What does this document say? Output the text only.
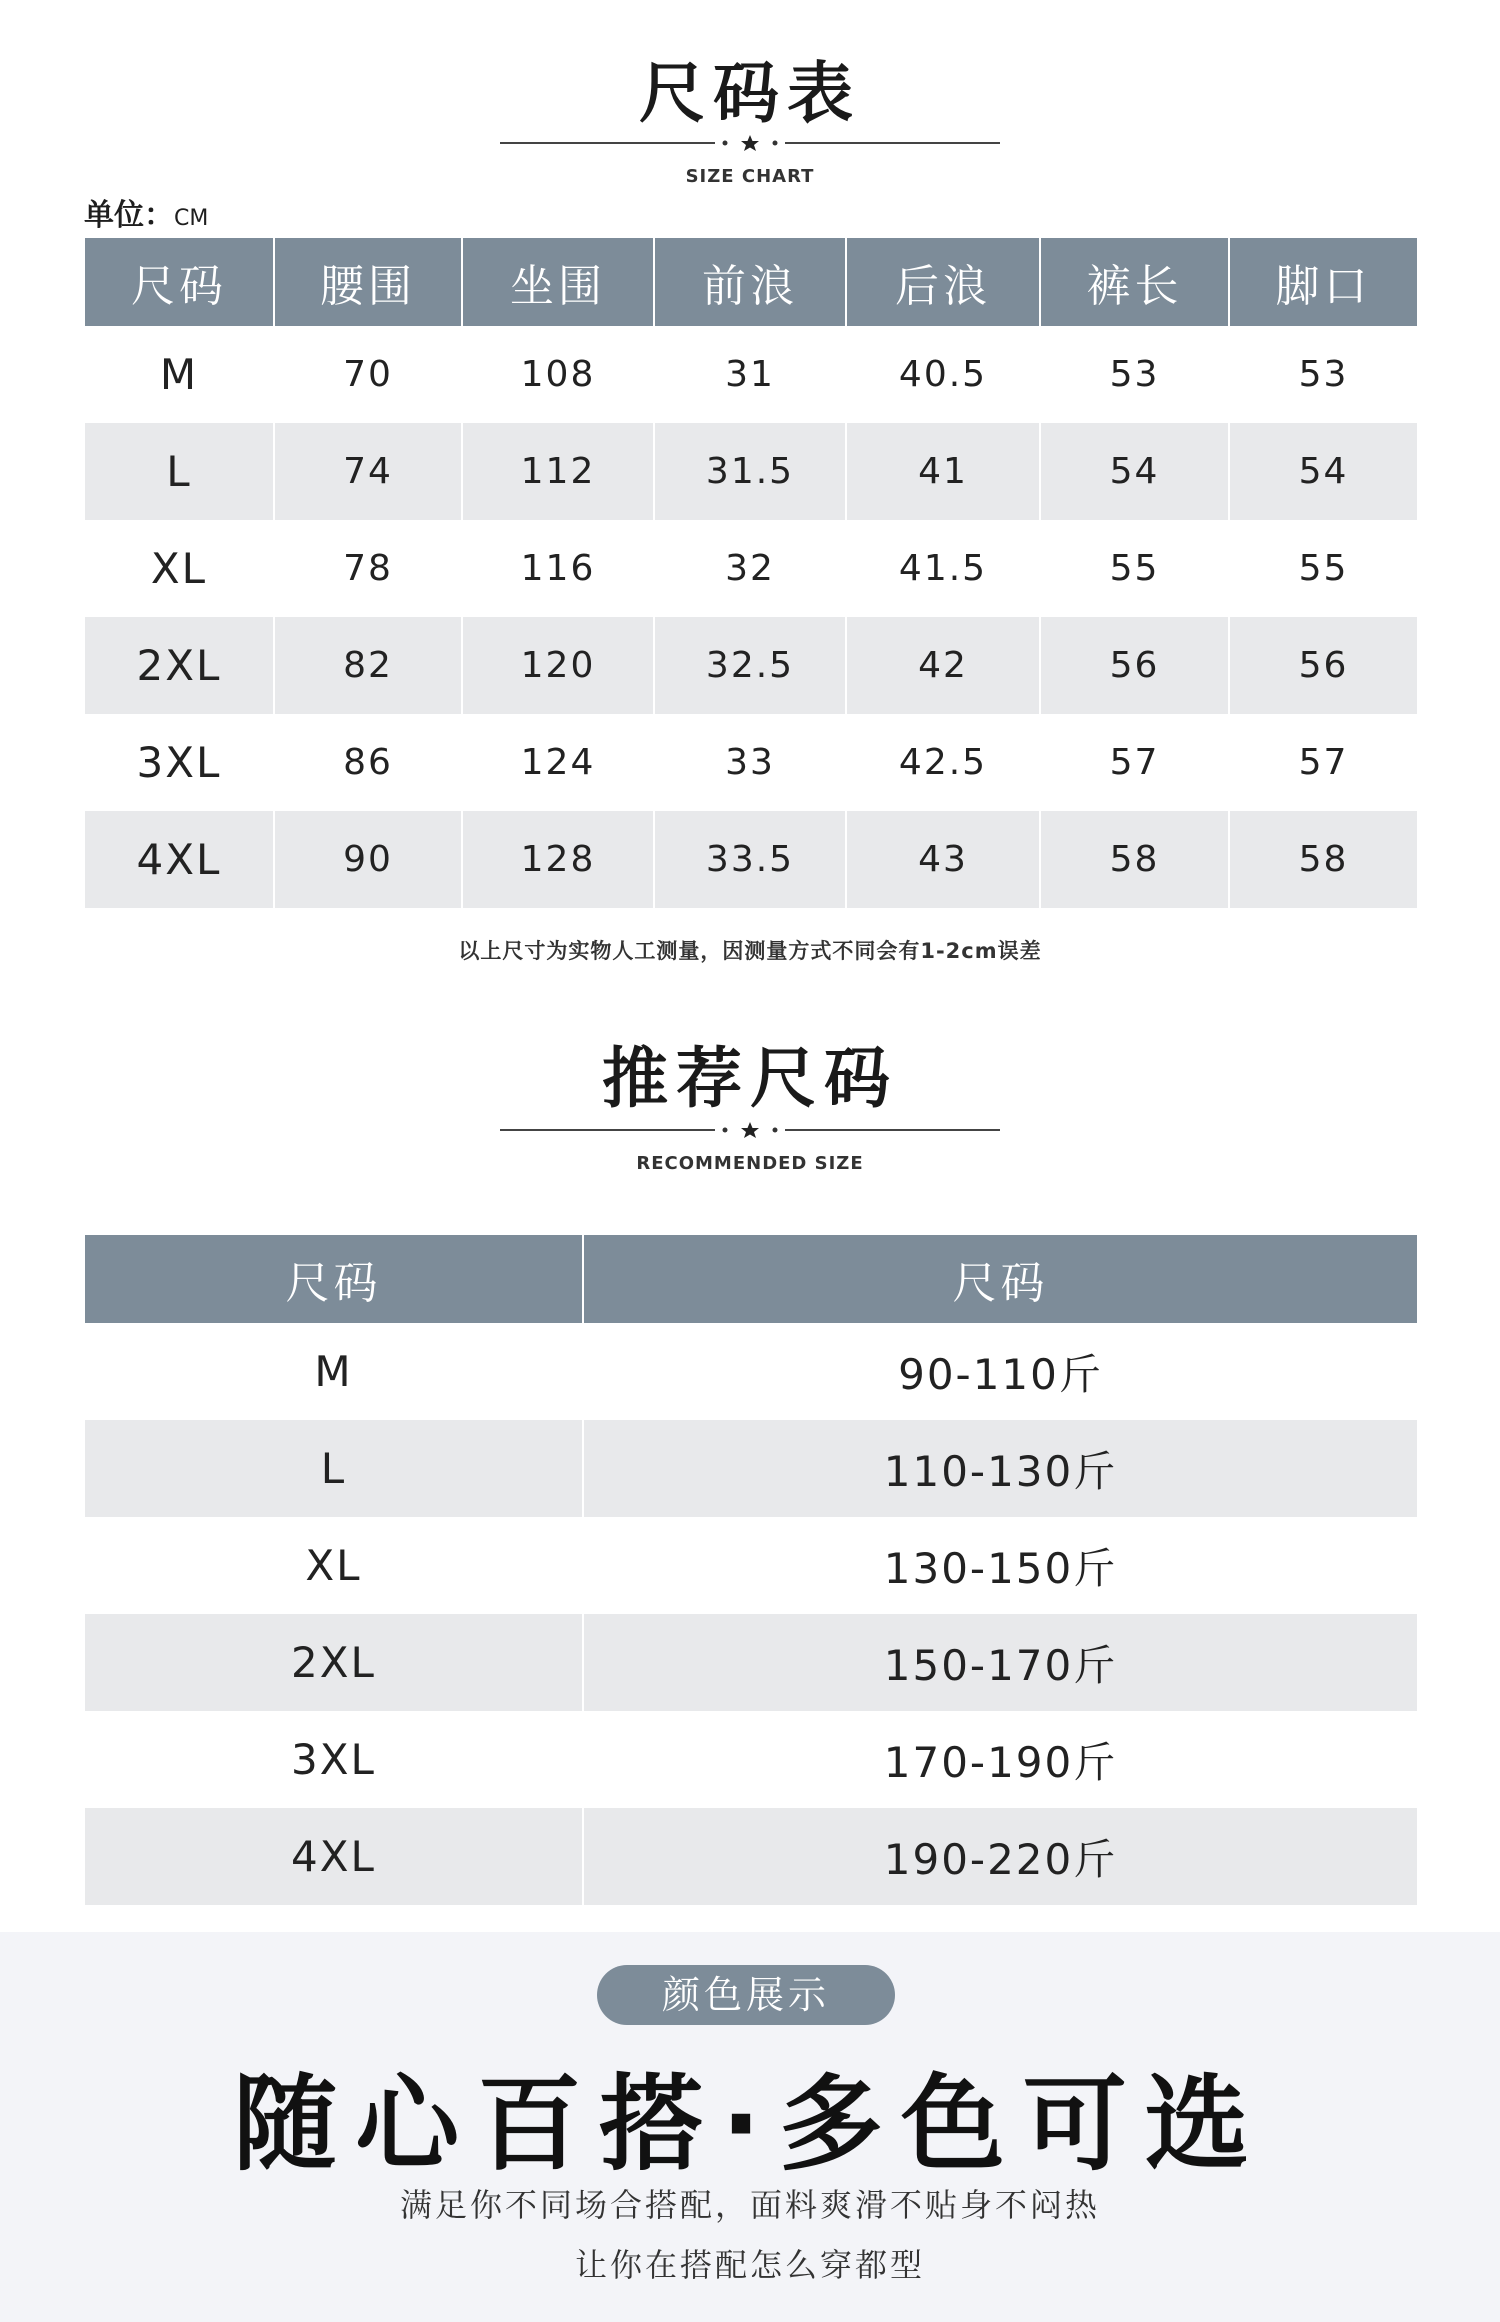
尺码表
SIZE CHART
单位：CM
尺码	腰围	坐围	前浪	后浪	裤长	脚口
M	70	108	31	40.5	53	53
L	74	112	31.5	41	54	54
XL	78	116	32	41.5	55	55
2XL	82	120	32.5	42	56	56
3XL	86	124	33	42.5	57	57
4XL	90	128	33.5	43	58	58
以上尺寸为实物人工测量，因测量方式不同会有1-2cm误差
推荐尺码
RECOMMENDED SIZE
尺码	尺码
M	90-110斤
L	110-130斤
XL	130-150斤
2XL	150-170斤
3XL	170-190斤
4XL	190-220斤
颜色展示
随心百搭·多色可选
满足你不同场合搭配，面料爽滑不贴身不闷热
让你在搭配怎么穿都型
